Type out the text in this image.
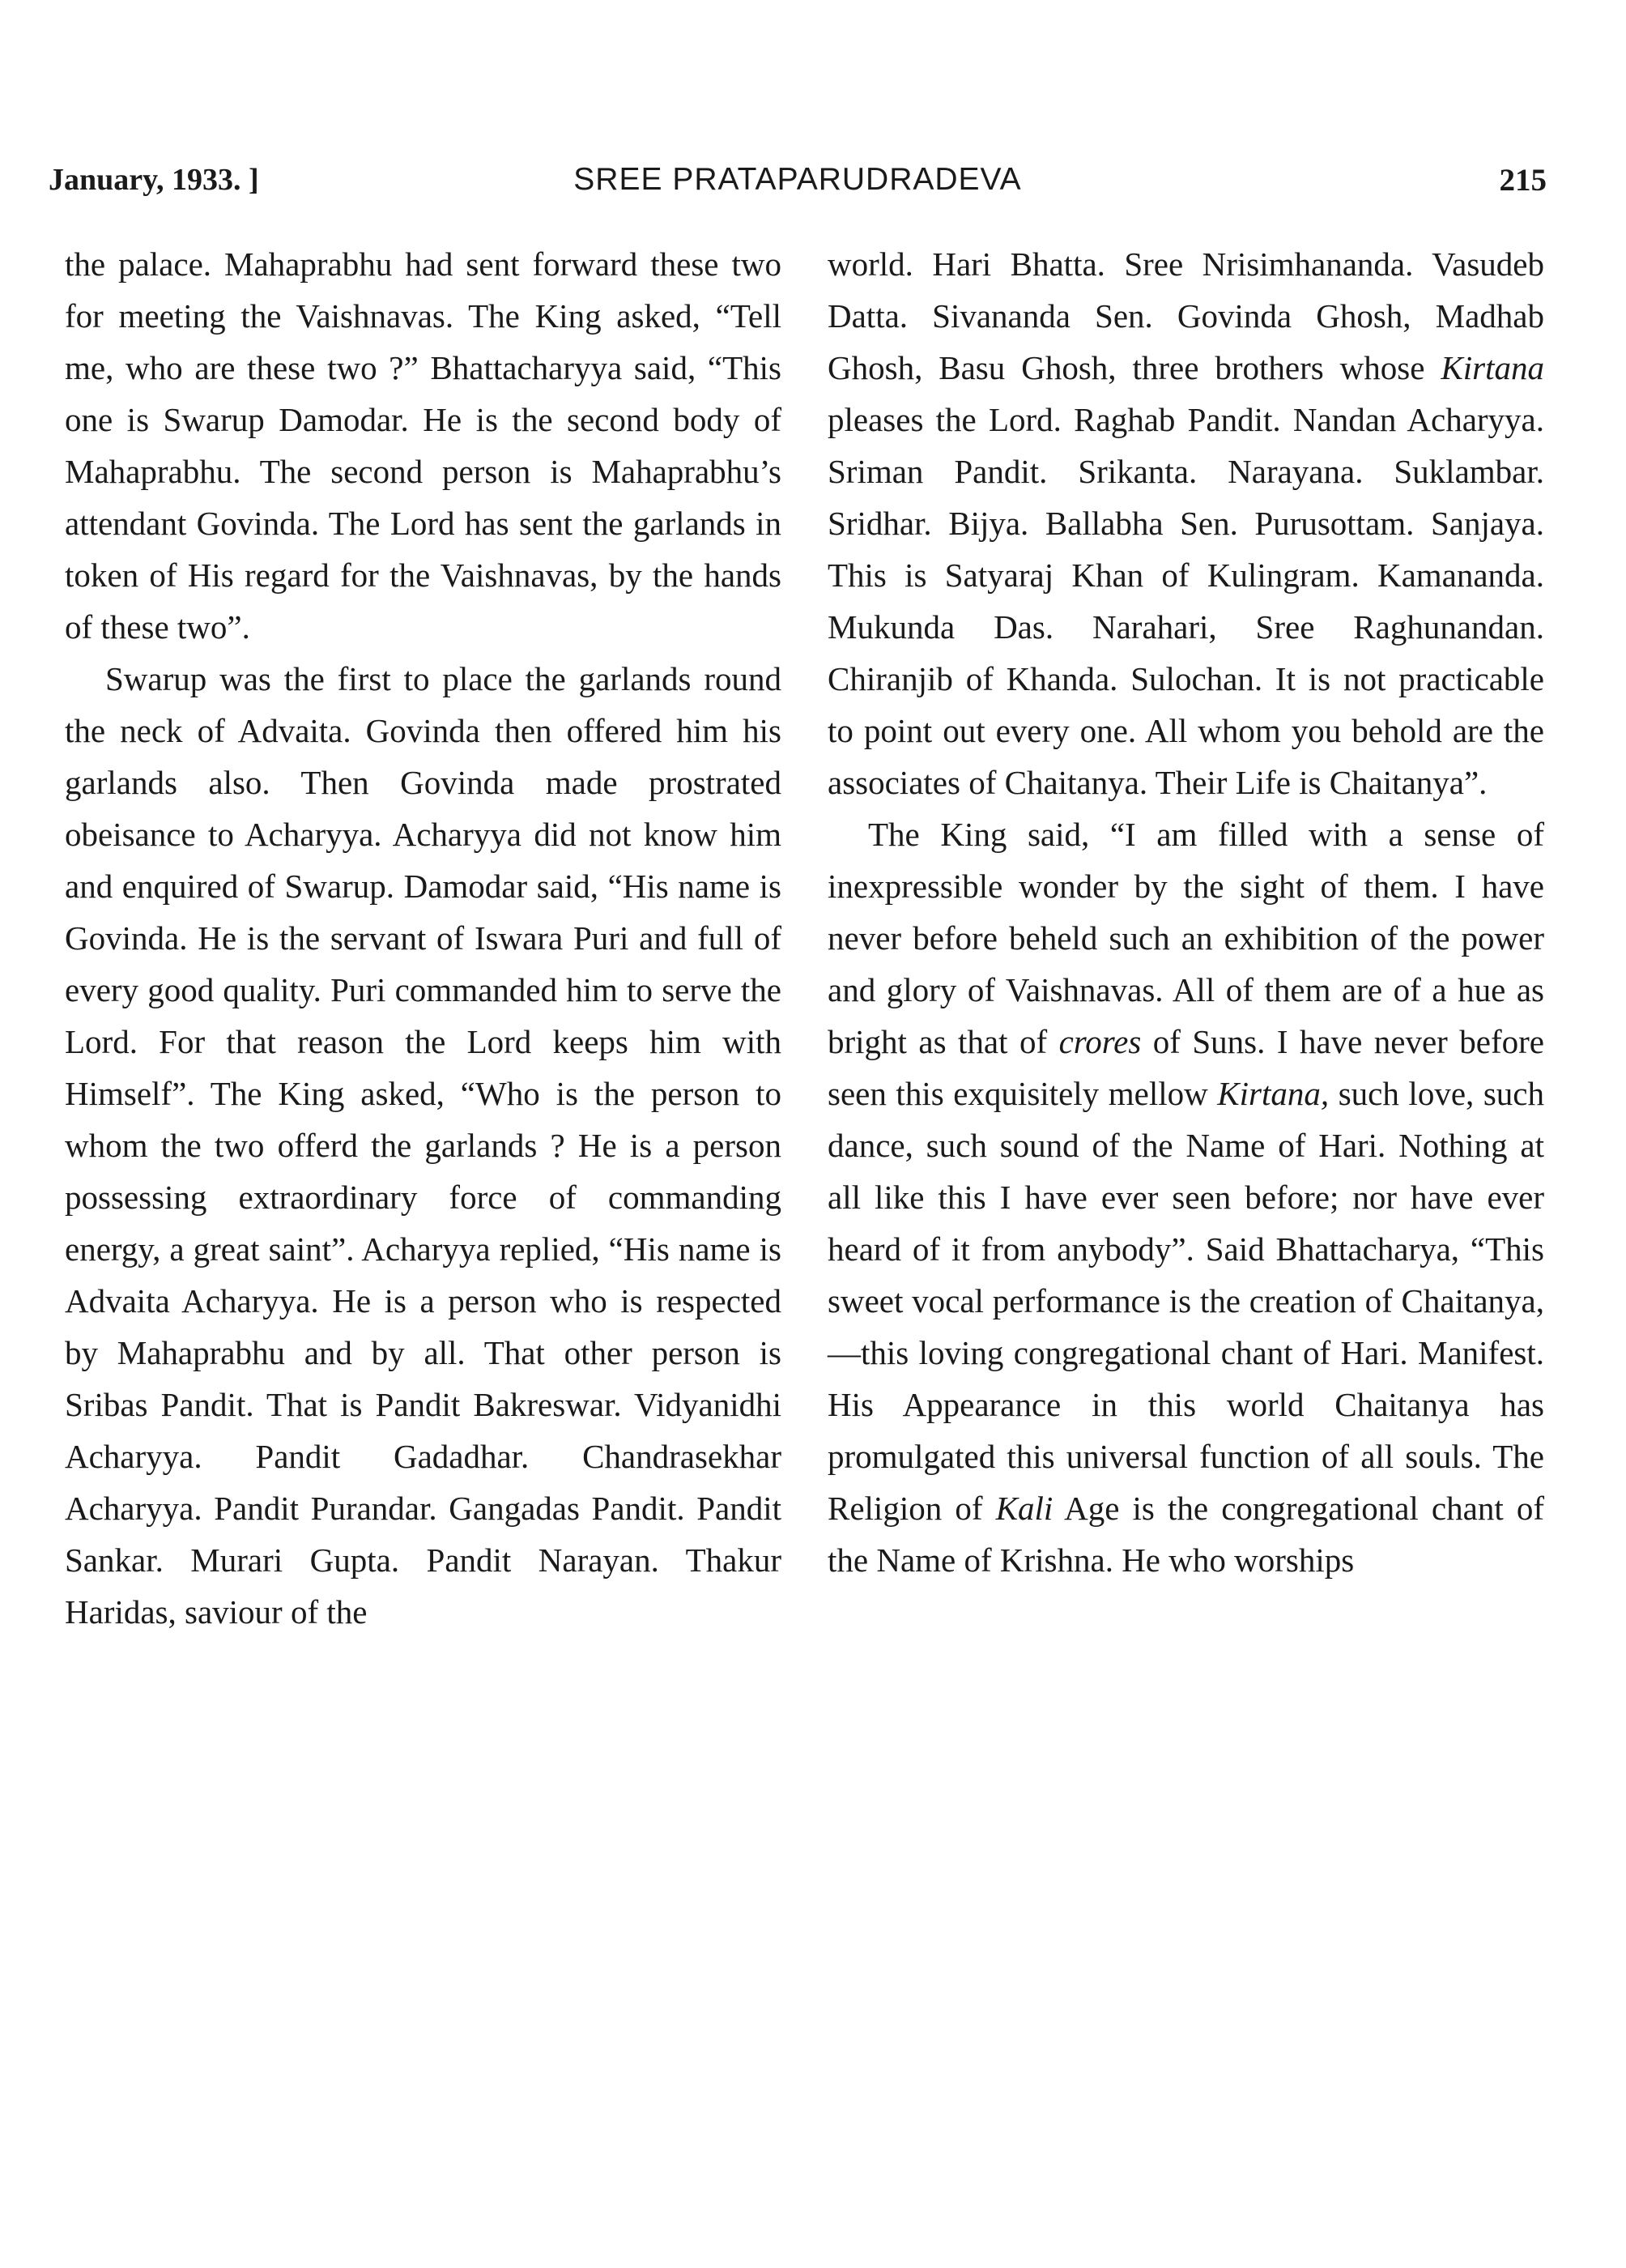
January, 1933. ]	SREE PRATAPARUDRADEVA	215

the palace. Mahaprabhu had sent forward these two for meeting the Vaishnavas. The King asked, “Tell me, who are these two ?” Bhattacharyya said, “This one is Swarup Damodar. He is the second body of Mahaprabhu. The second person is Mahaprabhu’s attendant Govinda. The Lord has sent the garlands in token of His regard for the Vaishnavas, by the hands of these two”.

Swarup was the first to place the garlands round the neck of Advaita. Govinda then offered him his garlands also. Then Govinda made prostrated obeisance to Acharyya. Acharyya did not know him and enquired of Swarup. Damodar said, “His name is Govinda. He is the servant of Iswara Puri and full of every good quality. Puri commanded him to serve the Lord. For that reason the Lord keeps him with Himself”. The King asked, “Who is the person to whom the two offerd the garlands ? He is a person possessing extraordinary force of commanding energy, a great saint”. Acharyya replied, “His name is Advaita Acharyya. He is a person who is respected by Mahaprabhu and by all. That other person is Sribas Pandit. That is Pandit Bakreswar. Vidyanidhi Acharyya. Pandit Gadadhar. Chandrasekhar Acharyya. Pandit Purandar. Gangadas Pandit. Pandit Sankar. Murari Gupta. Pandit Narayan. Thakur Haridas, saviour of the

world. Hari Bhatta. Sree Nrisimhananda. Vasudeb Datta. Sivananda Sen. Govinda Ghosh, Madhab Ghosh, Basu Ghosh, three brothers whose Kirtana pleases the Lord. Raghab Pandit. Nandan Acharyya. Sriman Pandit. Srikanta. Narayana. Suklambar. Sridhar. Bijya. Ballabha Sen. Purusottam. Sanjaya. This is Satyaraj Khan of Kulingram. Kamananda. Mukunda Das. Narahari, Sree Raghunandan. Chiranjib of Khanda. Sulochan. It is not practicable to point out every one. All whom you behold are the associates of Chaitanya. Their Life is Chaitanya”.

The King said, “I am filled with a sense of inexpressible wonder by the sight of them. I have never before beheld such an exhibition of the power and glory of Vaishnavas. All of them are of a hue as bright as that of crores of Suns. I have never before seen this exquisitely mellow Kirtana, such love, such dance, such sound of the Name of Hari. Nothing at all like this I have ever seen before; nor have ever heard of it from anybody”. Said Bhattacharya, “This sweet vocal performance is the creation of Chaitanya,—this loving congregational chant of Hari. Manifest. His Appearance in this world Chaitanya has promulgated this universal function of all souls. The Religion of Kali Age is the congregational chant of the Name of Krishna. He who worships
